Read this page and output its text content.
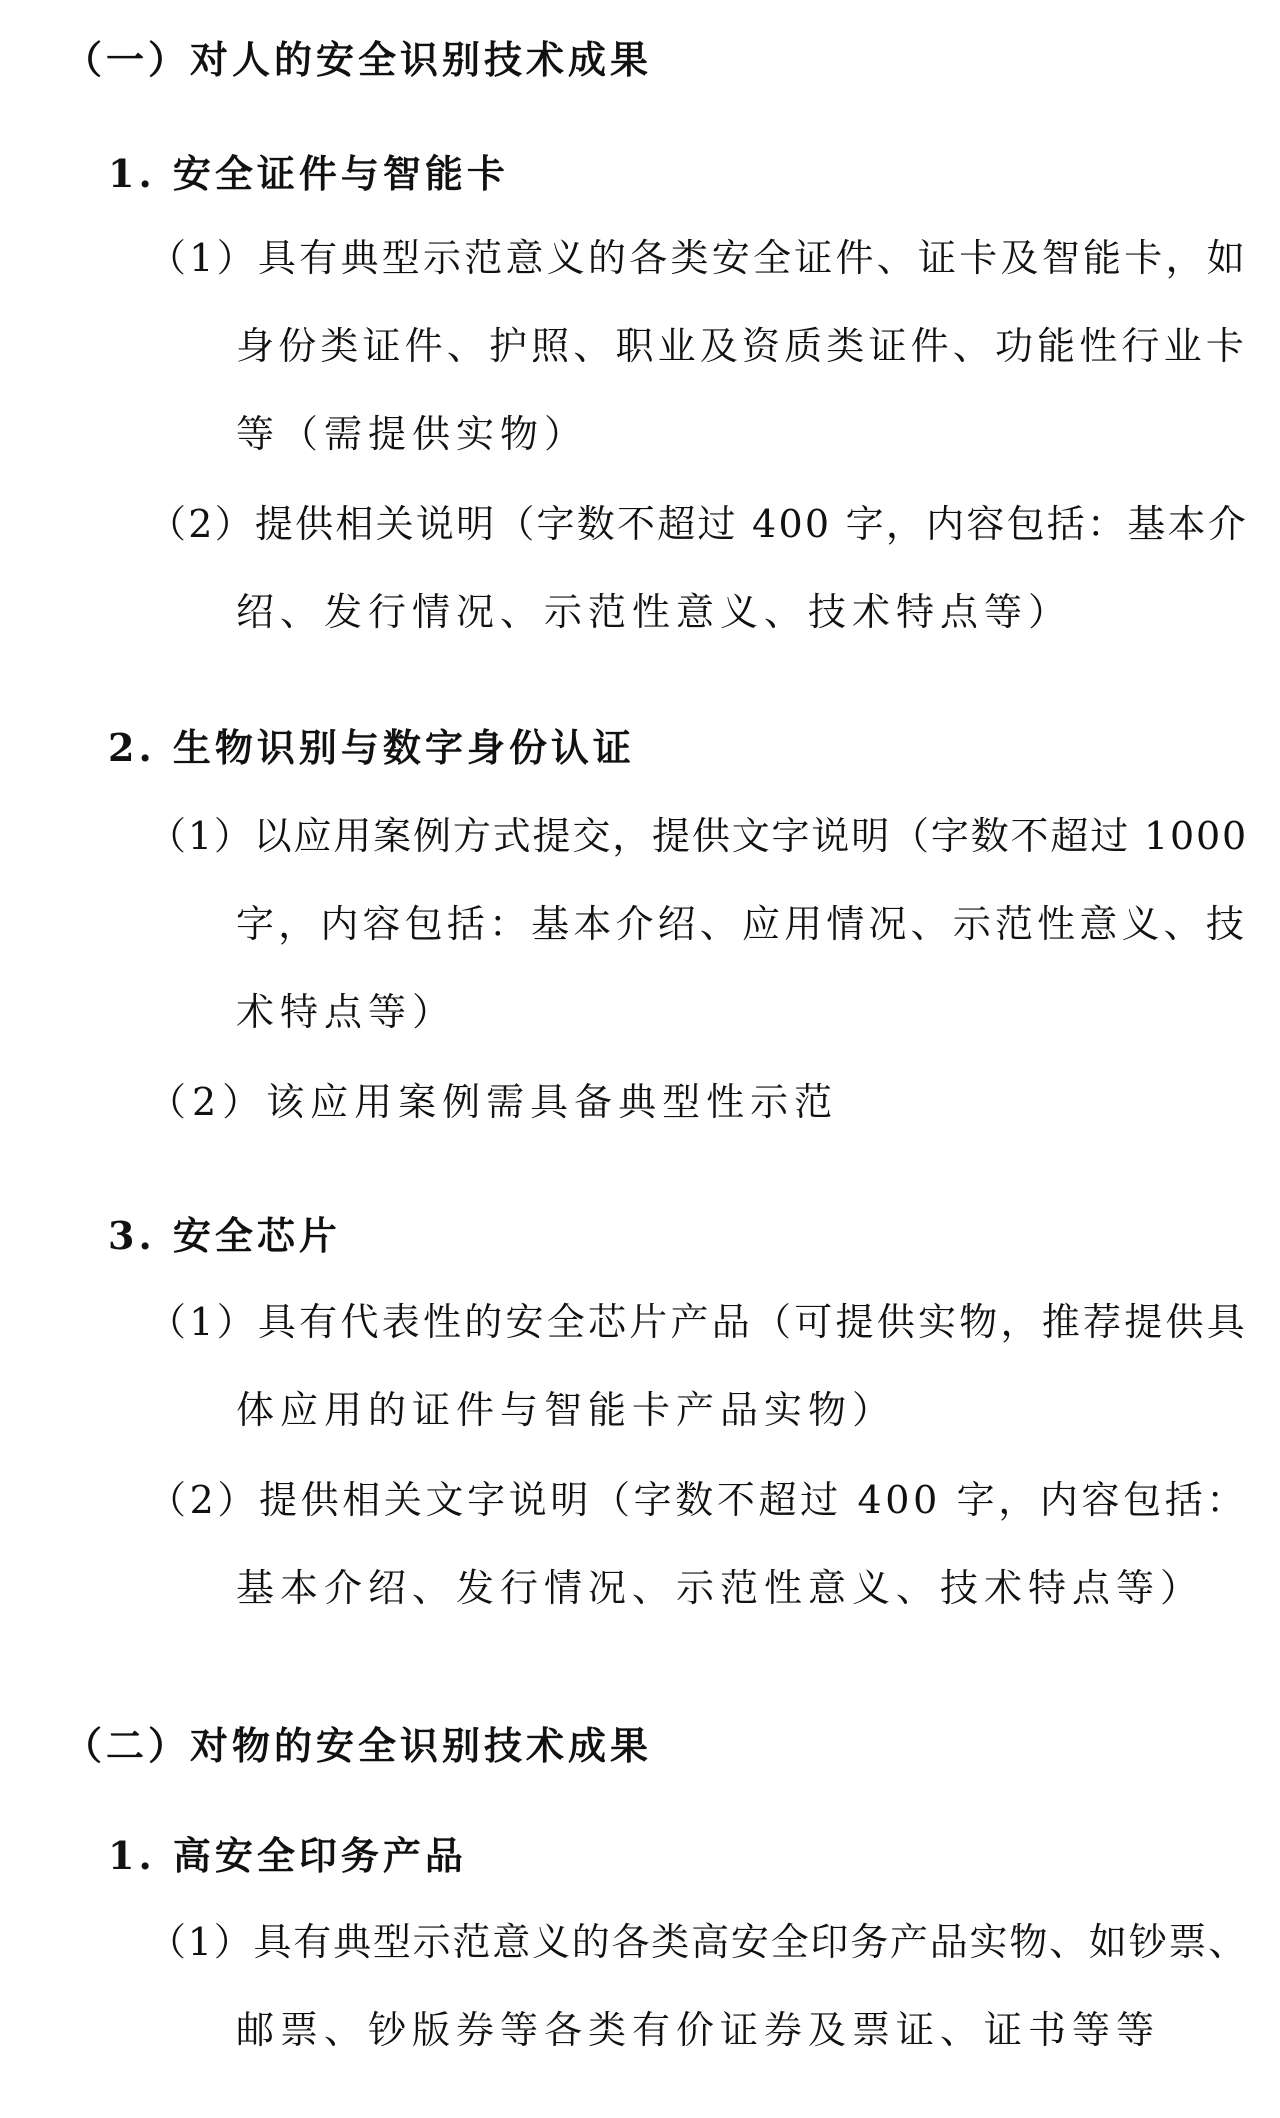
（一）对人的安全识别技术成果
1. 安全证件与智能卡
（1）具有典型示范意义的各类安全证件、证卡及智能卡，如
身份类证件、护照、职业及资质类证件、功能性行业卡
等（需提供实物）
（2）提供相关说明（字数不超过 400 字，内容包括：基本介
绍、发行情况、示范性意义、技术特点等）
2. 生物识别与数字身份认证
（1）以应用案例方式提交，提供文字说明（字数不超过 1000
字，内容包括：基本介绍、应用情况、示范性意义、技
术特点等）
（2）该应用案例需具备典型性示范
3. 安全芯片
（1）具有代表性的安全芯片产品（可提供实物，推荐提供具
体应用的证件与智能卡产品实物）
（2）提供相关文字说明（字数不超过 400 字，内容包括：
基本介绍、发行情况、示范性意义、技术特点等）
（二）对物的安全识别技术成果
1. 高安全印务产品
（1）具有典型示范意义的各类高安全印务产品实物、如钞票、
邮票、钞版券等各类有价证券及票证、证书等等
